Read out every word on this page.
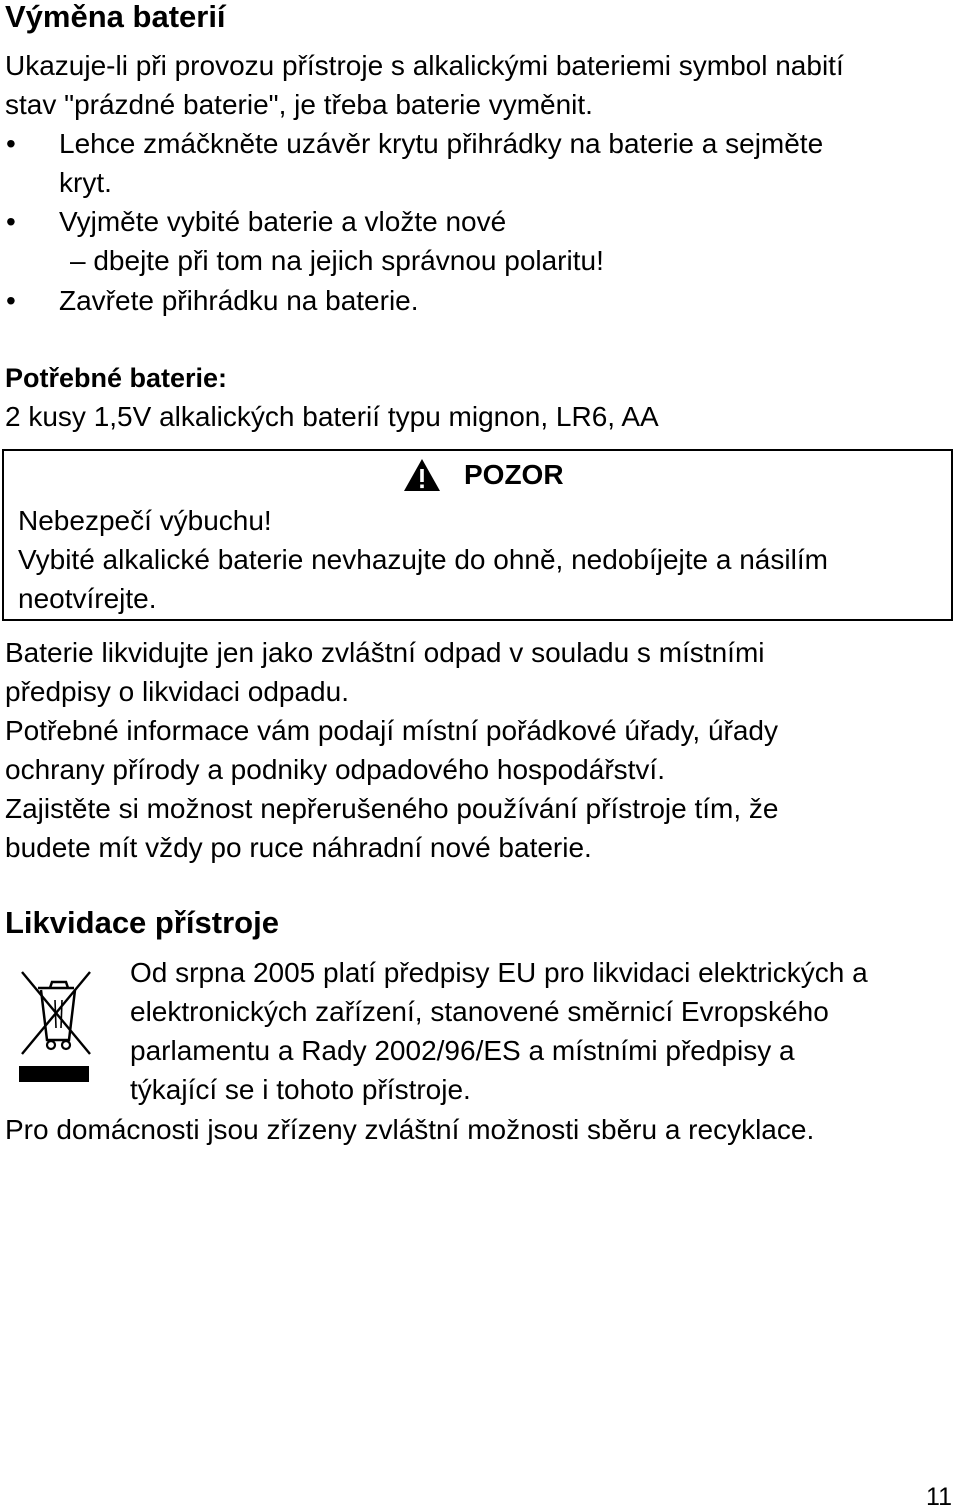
Výměna baterií
Ukazuje-li při provozu přístroje s alkalickými bateriemi symbol nabití
stav "prázdné baterie", je třeba baterie vyměnit.
• Lehce zmáčkněte uzávěr krytu přihrádky na baterie a sejměte
kryt.
• Vyjměte vybité baterie a vložte nové
– dbejte při tom na jejich správnou polaritu!
• Zavřete přihrádku na baterie.
Potřebné baterie:
2 kusy 1,5V alkalických baterií typu mignon, LR6, AA
POZOR
Nebezpečí výbuchu!
Vybité alkalické baterie nevhazujte do ohně, nedobíjejte a násilím
neotvírejte.
Baterie likvidujte jen jako zvláštní odpad v souladu s místními
předpisy o likvidaci odpadu.
Potřebné informace vám podají místní pořádkové úřady, úřady
ochrany přírody a podniky odpadového hospodářství.
Zajistěte si možnost nepřerušeného používání přístroje tím, že
budete mít vždy po ruce náhradní nové baterie.
Likvidace přístroje
Od srpna 2005 platí předpisy EU pro likvidaci elektrických a
elektronických zařízení, stanovené směrnicí Evropského
parlamentu a Rady 2002/96/ES a místními předpisy a
týkající se i tohoto přístroje.
Pro domácnosti jsou zřízeny zvláštní možnosti sběru a recyklace.
11
